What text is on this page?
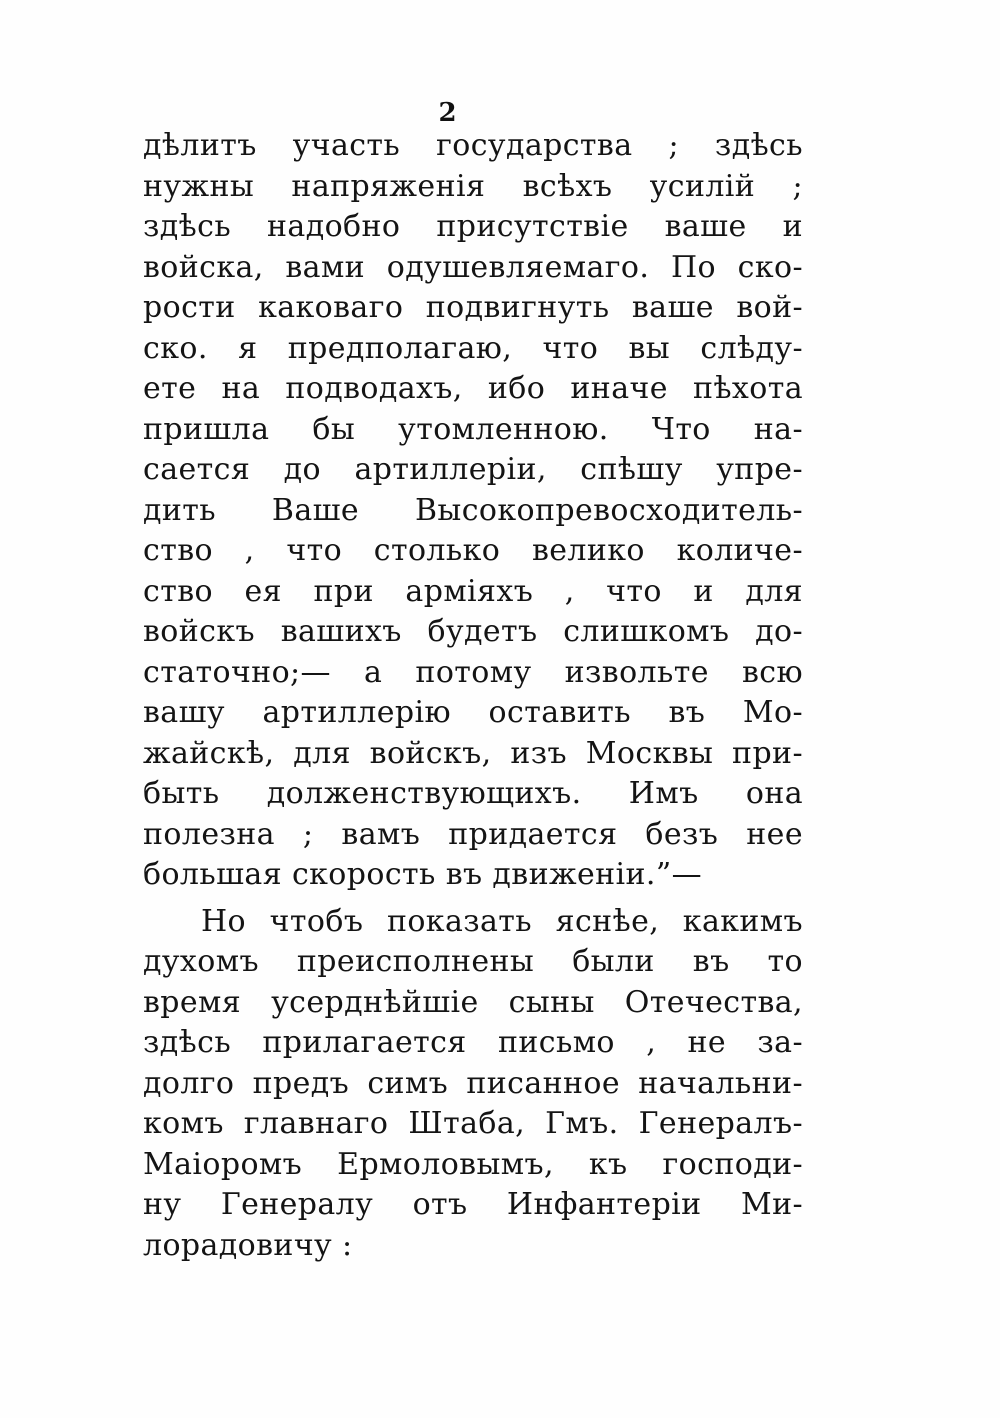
2
дѣлитъ участь государства ; здѣсь
нужны напряженія всѣхъ усилій ;
здѣсь надобно присутствіе ваше и
войска, вами одушевляемаго. По ско-
рости каковаго подвигнуть ваше вой-
ско. я предполагаю, что вы слѣду-
ете на подводахъ, ибо иначе пѣхота
пришла бы утомленною. Что на-
сается до артиллеріи, спѣшу упре-
дить Ваше Высокопревосходитель-
ство , что столько велико количе-
ство ея при арміяхъ , что и для
войскъ вашихъ будетъ слишкомъ до-
статочно;— а потому извольте всю
вашу артиллерію оставить въ Мо-
жайскѣ, для войскъ, изъ Москвы при-
быть долженствующихъ. Имъ она
полезна ; вамъ придается безъ нее
большая скорость въ движеніи.”—
Но чтобъ показать яснѣе, какимъ
духомъ преисполнены были въ то
время усерднѣйшіе сыны Отечества,
здѣсь прилагается письмо , не за-
долго предъ симъ писанное начальни-
комъ главнаго Штаба, Гмъ. Генералъ-
Маіоромъ Ермоловымъ, къ господи-
ну Генералу отъ Инфантеріи Ми-
лорадовичу :
